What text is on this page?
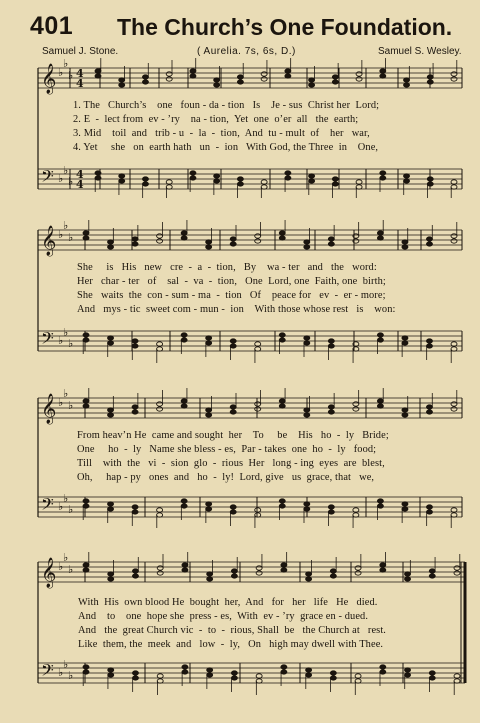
401 The Church’s One Foundation.
Samuel J. Stone.	( Aurelia. 7s, 6s, D.)	Samuel S. Wesley.
𝄞
𝄢
♭
♭
♭
♭
♭
♭
4
4
4
4
1. The   Church’s    one   foun - da - tion   Is    Je - sus  Christ her  Lord;
2. E  -  lect from  ev - ’ry    na - tion,  Yet  one  o’er  all   the  earth;
3. Mid    toil  and   trib - u  -  la  -  tion,  And  tu - mult  of    her   war,
4. Yet     she   on  earth hath   un  -  ion   With God, the Three  in    One,
𝄞
𝄢
♭
♭
♭
♭
♭
♭
She     is   His   new   cre  -  a  -  tion,   By    wa - ter   and   the   word:
Her   char - ter   of    sal  -  va  -  tion,   One  Lord, one  Faith, one  birth;
She   waits  the  con - sum - ma  -  tion   Of    peace for   ev  -  er - more;
And   mys - tic  sweet com - mun -  ion    With those whose rest   is    won:
𝄞
𝄢
♭
♭
♭
♭
♭
♭
From heav’n He  came and sought  her    To     be    His   ho  -  ly   Bride;
One     ho  -  ly   Name she bless - es,  Par - takes  one  ho  -  ly   food;
Till    with  the   vi  -  sion  glo  -  rious  Her   long - ing  eyes  are  blest,
Oh,     hap - py   ones  and   ho  -  ly!  Lord, give   us  grace, that   we,
𝄞
𝄢
♭
♭
♭
♭
♭
♭
With  His  own blood He  bought  her,  And   for   her   life   He   died.
And    to    one  hope she  press - es,  With  ev - ’ry  grace en - dued.
And   the  great Church vic  -  to  -  rious, Shall  be   the Church at   rest.
Like  them, the  meek  and   low  -  ly,   On   high may dwell with Thee.
